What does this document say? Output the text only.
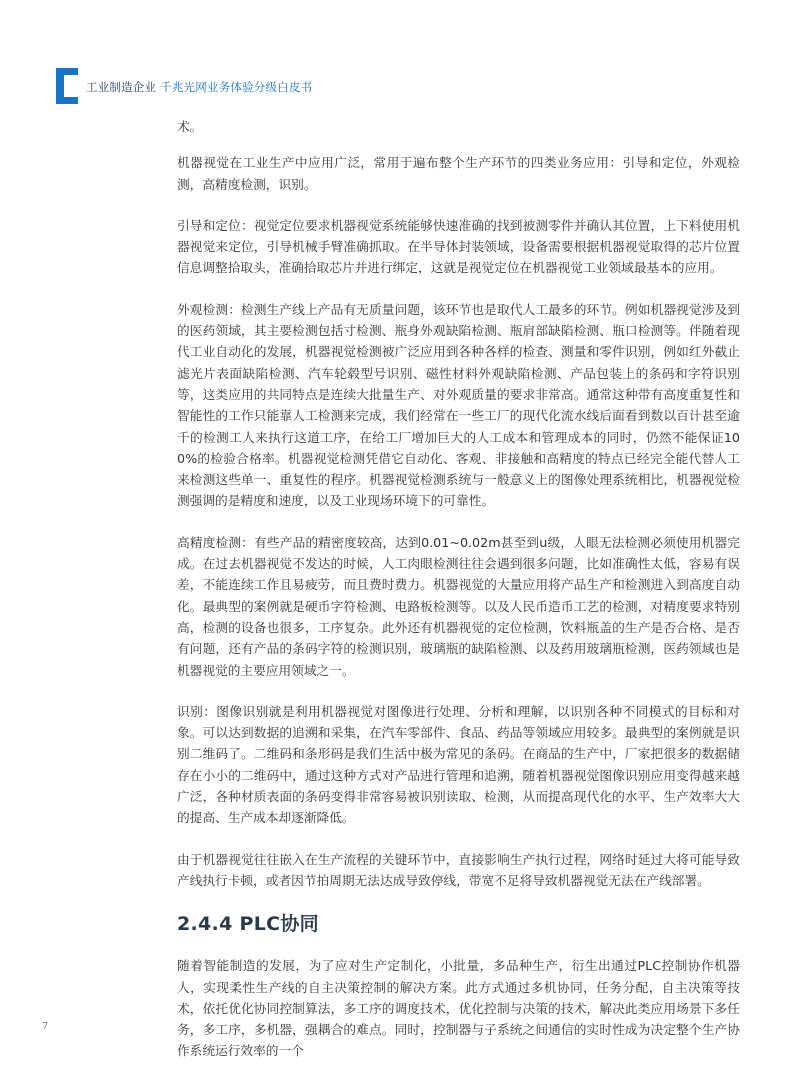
工业制造企业 千兆光网业务体验分级白皮书

术。

机器视觉在工业生产中应用广泛，常用于遍布整个生产环节的四类业务应用：引导和定位，外观检测，高精度检测，识别。

引导和定位：视觉定位要求机器视觉系统能够快速准确的找到被测零件并确认其位置，上下料使用机器视觉来定位，引导机械手臂准确抓取。在半导体封装领域，设备需要根据机器视觉取得的芯片位置信息调整拾取头，准确拾取芯片并进行绑定，这就是视觉定位在机器视觉工业领域最基本的应用。

外观检测：检测生产线上产品有无质量问题，该环节也是取代人工最多的环节。例如机器视觉涉及到的医药领域，其主要检测包括寸检测、瓶身外观缺陷检测、瓶肩部缺陷检测、瓶口检测等。伴随着现代工业自动化的发展，机器视觉检测被广泛应用到各种各样的检查、测量和零件识别，例如红外截止滤光片表面缺陷检测、汽车轮毂型号识别、磁性材料外观缺陷检测、产品包装上的条码和字符识别等，这类应用的共同特点是连续大批量生产、对外观质量的要求非常高。通常这种带有高度重复性和智能性的工作只能靠人工检测来完成，我们经常在一些工厂的现代化流水线后面看到数以百计甚至逾千的检测工人来执行这道工序，在给工厂增加巨大的人工成本和管理成本的同时，仍然不能保证100%的检验合格率。机器视觉检测凭借它自动化、客观、非接触和高精度的特点已经完全能代替人工来检测这些单一、重复性的程序。机器视觉检测系统与一般意义上的图像处理系统相比，机器视觉检测强调的是精度和速度，以及工业现场环境下的可靠性。

高精度检测：有些产品的精密度较高，达到0.01~0.02m甚至到u级，人眼无法检测必须使用机器完成。在过去机器视觉不发达的时候，人工肉眼检测往往会遇到很多问题，比如准确性太低，容易有误差，不能连续工作且易疲劳，而且费时费力。机器视觉的大量应用将产品生产和检测进入到高度自动化。最典型的案例就是硬币字符检测、电路板检测等。以及人民币造币工艺的检测，对精度要求特别高，检测的设备也很多，工序复杂。此外还有机器视觉的定位检测，饮料瓶盖的生产是否合格、是否有问题，还有产品的条码字符的检测识别，玻璃瓶的缺陷检测、以及药用玻璃瓶检测，医药领域也是机器视觉的主要应用领域之一。

识别：图像识别就是利用机器视觉对图像进行处理、分析和理解，以识别各种不同模式的目标和对象。可以达到数据的追溯和采集，在汽车零部件、食品、药品等领域应用较多。最典型的案例就是识别二维码了。二维码和条形码是我们生活中极为常见的条码。在商品的生产中，厂家把很多的数据储存在小小的二维码中，通过这种方式对产品进行管理和追溯，随着机器视觉图像识别应用变得越来越广泛，各种材质表面的条码变得非常容易被识别读取、检测，从而提高现代化的水平、生产效率大大的提高、生产成本却逐渐降低。

由于机器视觉往往嵌入在生产流程的关键环节中，直接影响生产执行过程，网络时延过大将可能导致产线执行卡顿，或者因节拍周期无法达成导致停线，带宽不足将导致机器视觉无法在产线部署。

2.4.4 PLC协同

随着智能制造的发展，为了应对生产定制化，小批量，多品种生产，衍生出通过PLC控制协作机器人，实现柔性生产线的自主决策控制的解决方案。此方式通过多机协同，任务分配，自主决策等技术，依托优化协同控制算法，多工序的调度技术，优化控制与决策的技术，解决此类应用场景下多任务，多工序，多机器，强耦合的难点。同时，控制器与子系统之间通信的实时性成为决定整个生产协作系统运行效率的一个

7
